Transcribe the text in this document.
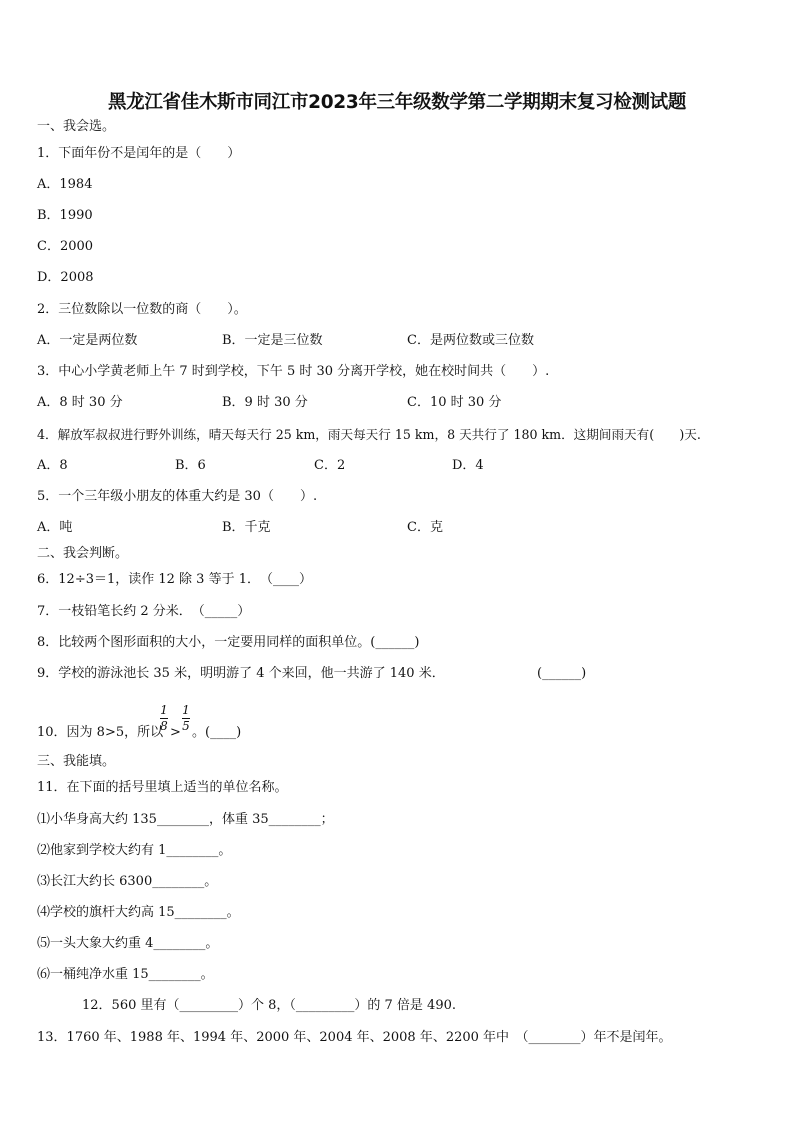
黑龙江省佳木斯市同江市2023年三年级数学第二学期期末复习检测试题
一、我会选。
1．下面年份不是闰年的是（　　）
A．1984
B．1990
C．2000
D．2008
2．三位数除以一位数的商（　　）。
A．一定是两位数	B．一定是三位数	C．是两位数或三位数
3．中心小学黄老师上午 7 时到学校，下午 5 时 30 分离开学校，她在校时间共（　　）.
A．8 时 30 分	B．9 时 30 分	C．10 时 30 分
4．解放军叔叔进行野外训练，晴天每天行 25 km，雨天每天行 15 km，8 天共行了 180 km．这期间雨天有(　　)天.
A．8	B．6	C．2	D．4
5．一个三年级小朋友的体重大约是 30（　　）.
A．吨	B．千克	C．克
二、我会判断。
6．12÷3＝1，读作 12 除 3 等于 1．　（____）
7．一枝铅笔长约 2 分米．　（_____）
8．比较两个图形面积的大小，一定要用同样的面积单位。(______)
9．学校的游泳池长 35 米，明明游了 4 个来回，他一共游了 140 米．	(______)
10．因为 8>5，所以
1
8 >
1
5 。(____)
三、我能填。
11．在下面的括号里填上适当的单位名称。
⑴小华身高大约 135________，体重 35________；
⑵他家到学校大约有 1________。
⑶长江大约长 6300________。
⑷学校的旗杆大约高 15________。
⑸一头大象大约重 4________。
⑹一桶纯净水重 15________。
12．560 里有（_________）个 8，（_________）的 7 倍是 490.
13．1760 年、1988 年、1994 年、2000 年、2004 年、2008 年、2200 年中　（________）年不是闰年。
